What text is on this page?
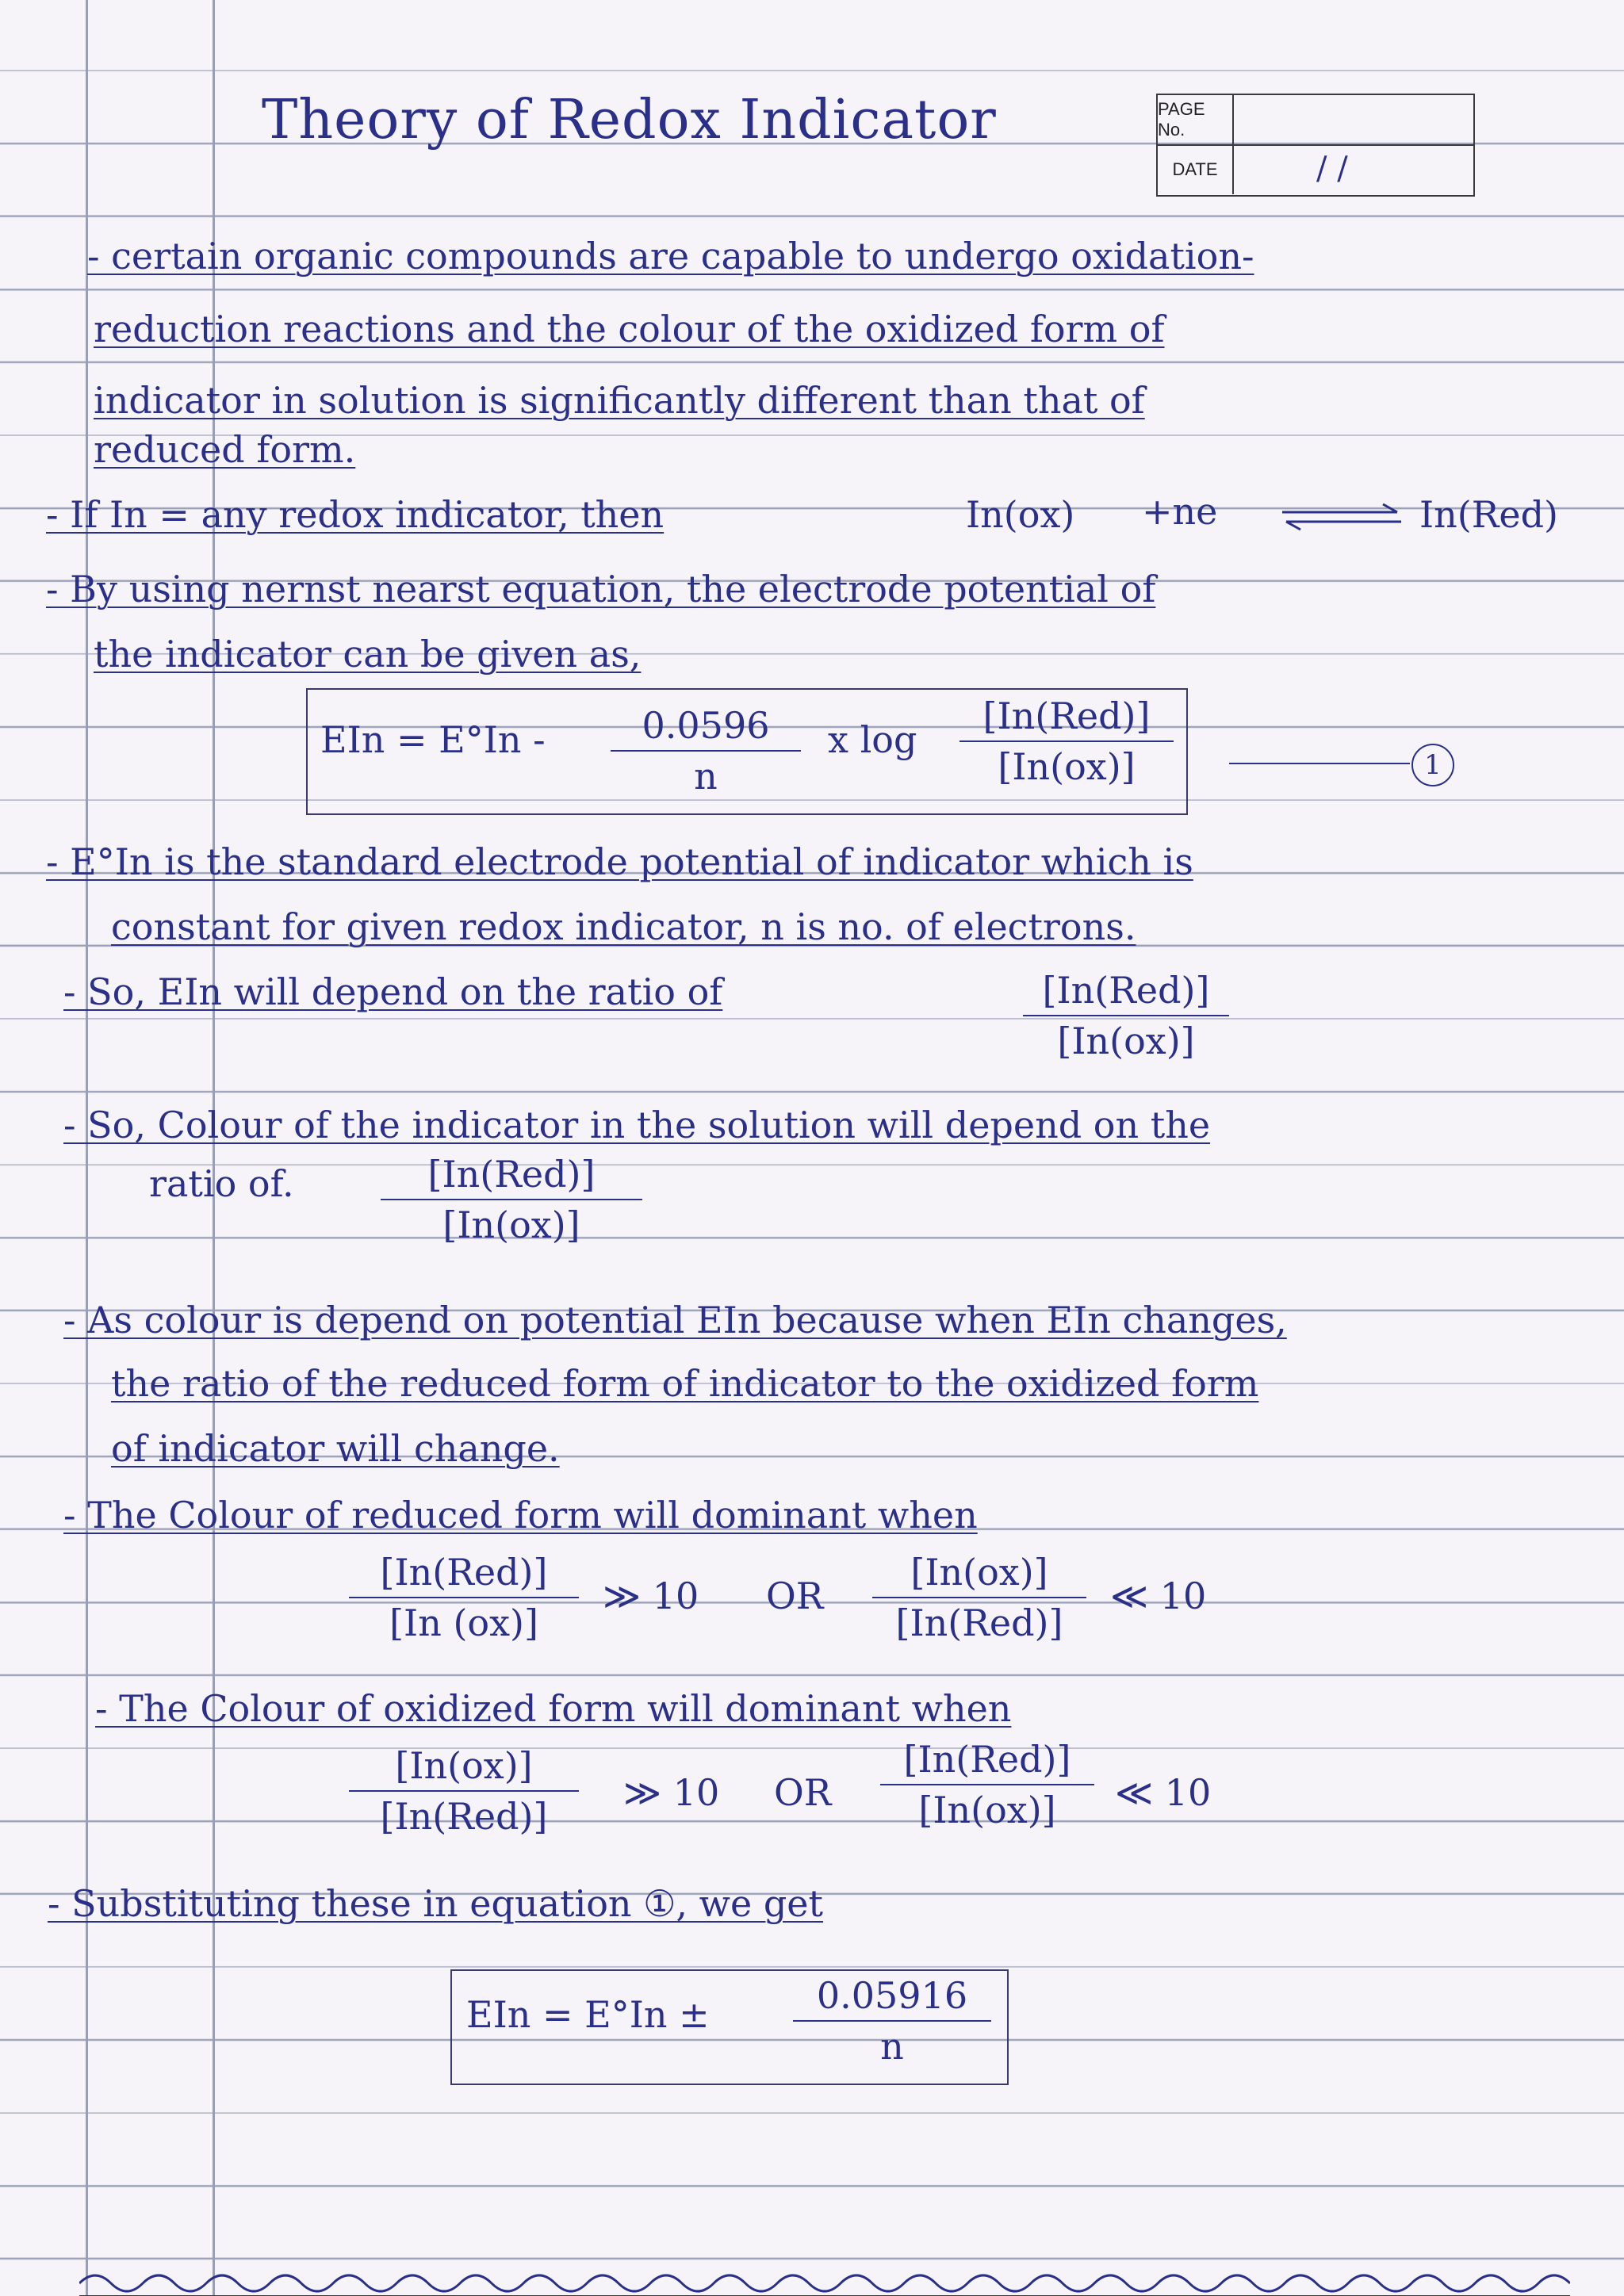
Theory of Redox Indicator	PAGE No.
DATE	/ /
- certain organic compounds are capable to undergo oxidation-
reduction reactions and the colour of the oxidized form of
indicator in solution is significantly different than that of
reduced form.
- If In = any redox indicator, then	In(ox) +ne	In(Red)
- By using nernst nearst equation, the electrode potential of
the indicator can be given as,
EIn = E°In -	0.0596
n
x log
[In(Red)]
[In(ox)]	1
- E°In is the standard electrode potential of indicator which is
constant for given redox indicator, n is no. of electrons.
- So, EIn will depend on the ratio of	[In(Red)]
[In(ox)]
- So, Colour of the indicator in the solution will depend on the
ratio of.	[In(Red)]
[In(ox)]
- As colour is depend on potential EIn because when EIn changes,
the ratio of the reduced form of indicator to the oxidized form
of indicator will change.
- The Colour of reduced form will dominant when
[In(Red)]
[In (ox)]
≫ 10 OR
[In(ox)]
[In(Red)]
≪ 10
- The Colour of oxidized form will dominant when
[In(ox)]
[In(Red)]
≫ 10 OR
[In(Red)]
[In(ox)]	≪ 10
- Substituting these in equation ①, we get
EIn = E°In ±	0.05916
n
